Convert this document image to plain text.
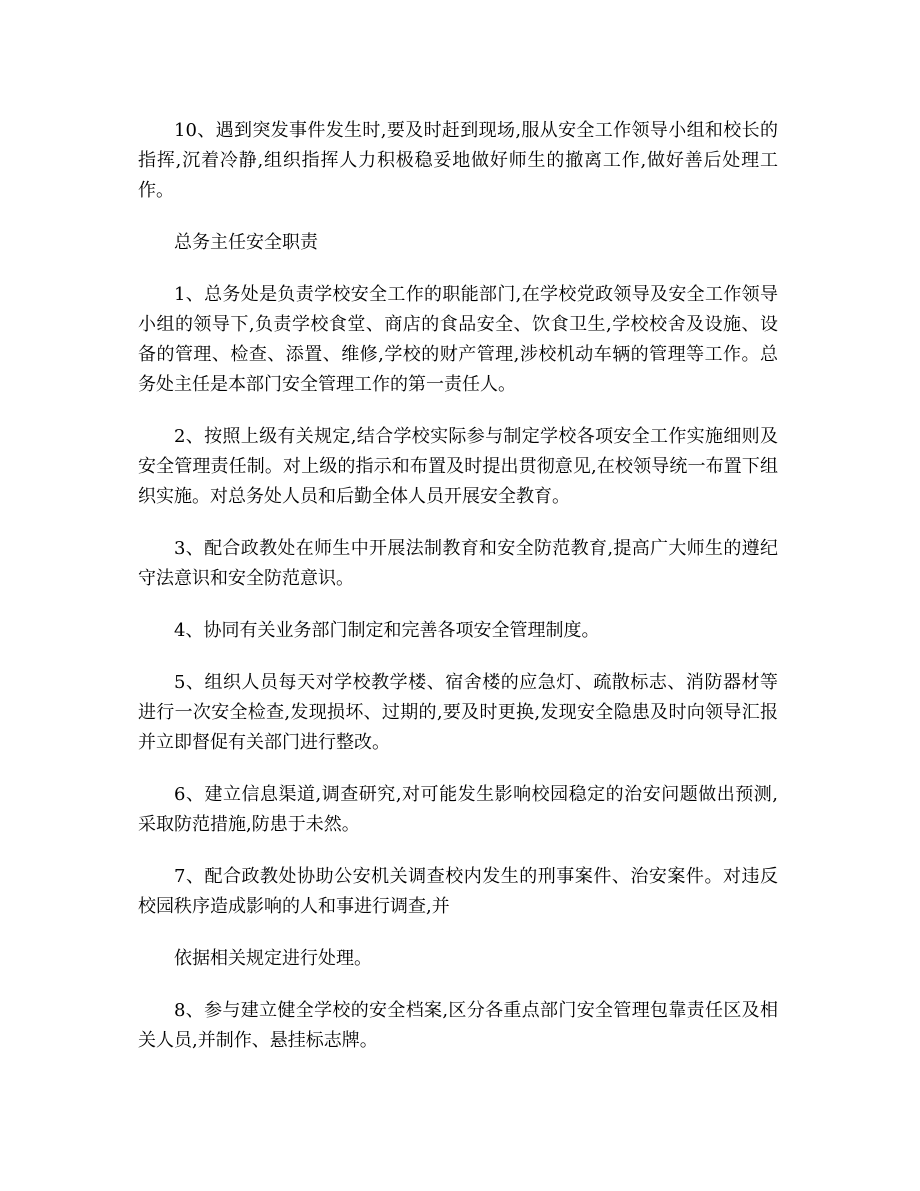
10、遇到突发事件发生时,要及时赶到现场,服从安全工作领导小组和校长的指挥,沉着冷静,组织指挥人力积极稳妥地做好师生的撤离工作,做好善后处理工作。

总务主任安全职责

1、总务处是负责学校安全工作的职能部门,在学校党政领导及安全工作领导小组的领导下,负责学校食堂、商店的食品安全、饮食卫生,学校校舍及设施、设备的管理、检查、添置、维修,学校的财产管理,涉校机动车辆的管理等工作。总务处主任是本部门安全管理工作的第一责任人。

2、按照上级有关规定,结合学校实际参与制定学校各项安全工作实施细则及安全管理责任制。对上级的指示和布置及时提出贯彻意见,在校领导统一布置下组织实施。对总务处人员和后勤全体人员开展安全教育。

3、配合政教处在师生中开展法制教育和安全防范教育,提高广大师生的遵纪守法意识和安全防范意识。

4、协同有关业务部门制定和完善各项安全管理制度。

5、组织人员每天对学校教学楼、宿舍楼的应急灯、疏散标志、消防器材等进行一次安全检查,发现损坏、过期的,要及时更换,发现安全隐患及时向领导汇报并立即督促有关部门进行整改。

6、建立信息渠道,调查研究,对可能发生影响校园稳定的治安问题做出预测,采取防范措施,防患于未然。

7、配合政教处协助公安机关调查校内发生的刑事案件、治安案件。对违反校园秩序造成影响的人和事进行调查,并

依据相关规定进行处理。

8、参与建立健全学校的安全档案,区分各重点部门安全管理包靠责任区及相关人员,并制作、悬挂标志牌。
